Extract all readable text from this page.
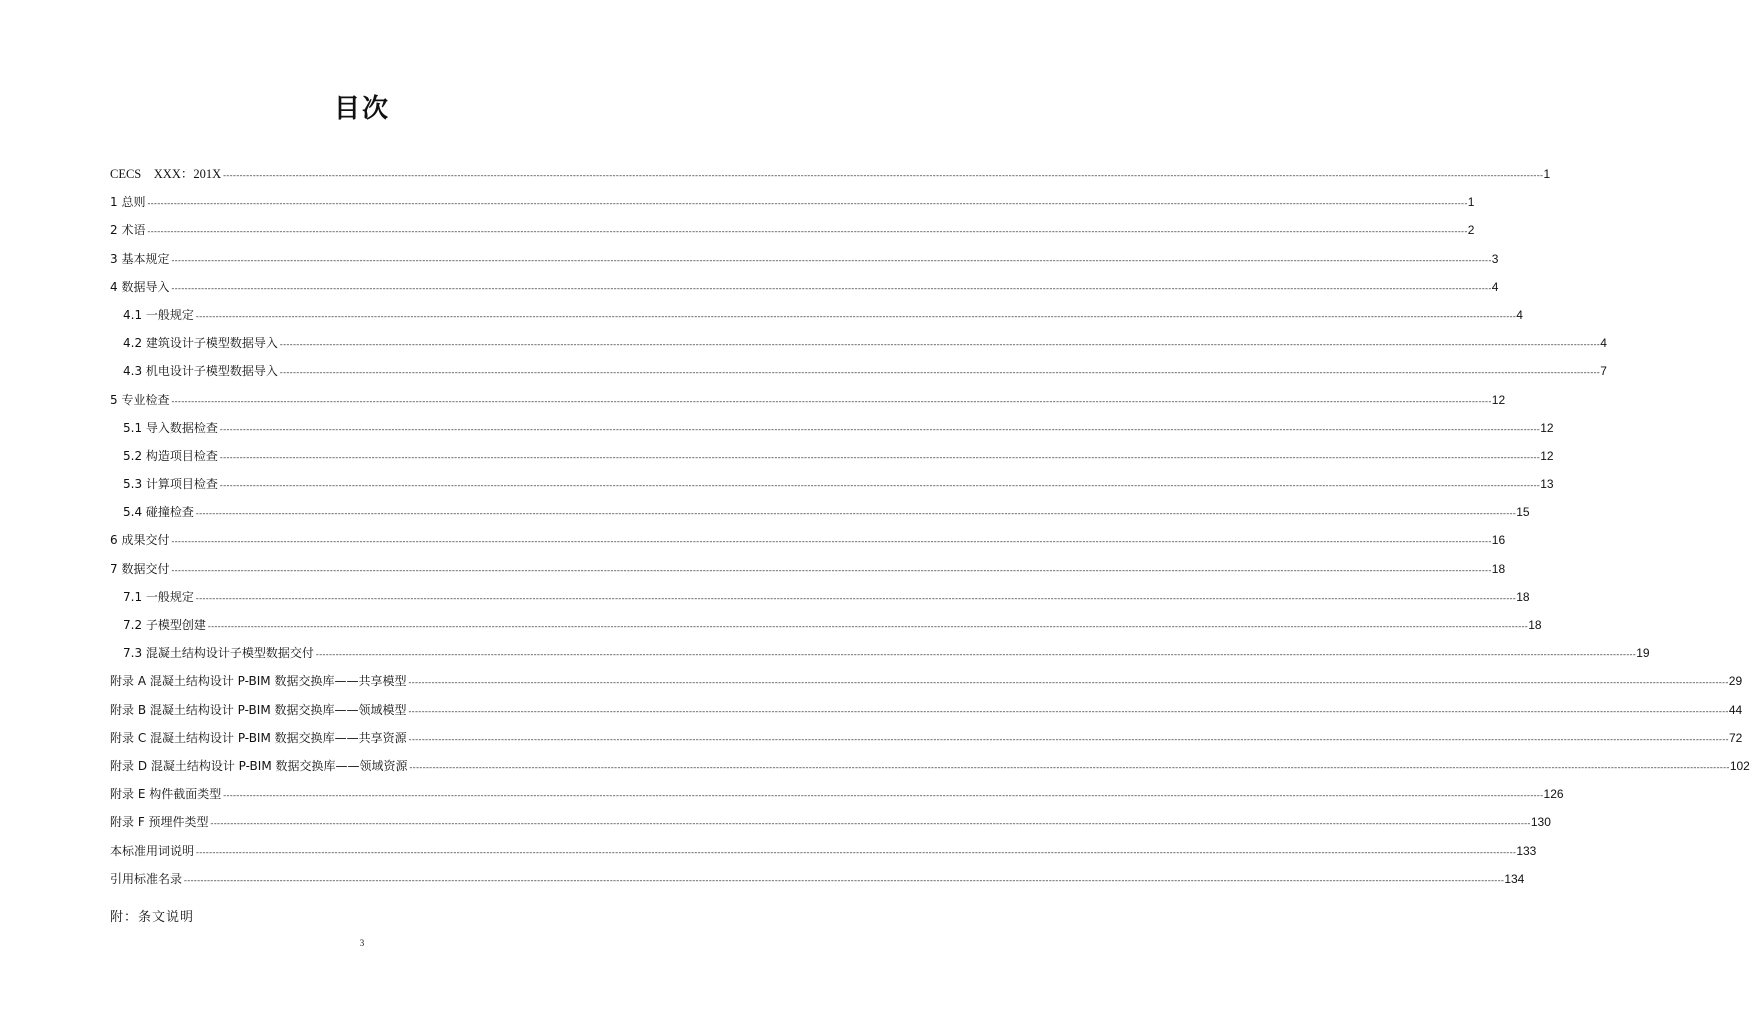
目次
CECS　XXX：201X ---------------------------------------------------------------------------------------------------------------------------------------------------------------------------------------------------------------------------------------------------------------------------------------------------------------------------------------------------------------------------------------------------------------- 1
1 总则 ---------------------------------------------------------------------------------------------------------------------------------------------------------------------------------------------------------------------------------------------------------------------------------------------------------------------------------------------------------------------------------------------------------------- 1
2 术语 ---------------------------------------------------------------------------------------------------------------------------------------------------------------------------------------------------------------------------------------------------------------------------------------------------------------------------------------------------------------------------------------------------------------- 2
3 基本规定 ---------------------------------------------------------------------------------------------------------------------------------------------------------------------------------------------------------------------------------------------------------------------------------------------------------------------------------------------------------------------------------------------------------------- 3
4 数据导入 ---------------------------------------------------------------------------------------------------------------------------------------------------------------------------------------------------------------------------------------------------------------------------------------------------------------------------------------------------------------------------------------------------------------- 4
4.1 一般规定 ---------------------------------------------------------------------------------------------------------------------------------------------------------------------------------------------------------------------------------------------------------------------------------------------------------------------------------------------------------------------------------------------------------------- 4
4.2 建筑设计子模型数据导入 ---------------------------------------------------------------------------------------------------------------------------------------------------------------------------------------------------------------------------------------------------------------------------------------------------------------------------------------------------------------------------------------------------------------- 4
4.3 机电设计子模型数据导入 ---------------------------------------------------------------------------------------------------------------------------------------------------------------------------------------------------------------------------------------------------------------------------------------------------------------------------------------------------------------------------------------------------------------- 7
5 专业检查 ---------------------------------------------------------------------------------------------------------------------------------------------------------------------------------------------------------------------------------------------------------------------------------------------------------------------------------------------------------------------------------------------------------------- 12
5.1 导入数据检查 ---------------------------------------------------------------------------------------------------------------------------------------------------------------------------------------------------------------------------------------------------------------------------------------------------------------------------------------------------------------------------------------------------------------- 12
5.2 构造项目检查 ---------------------------------------------------------------------------------------------------------------------------------------------------------------------------------------------------------------------------------------------------------------------------------------------------------------------------------------------------------------------------------------------------------------- 12
5.3 计算项目检查 ---------------------------------------------------------------------------------------------------------------------------------------------------------------------------------------------------------------------------------------------------------------------------------------------------------------------------------------------------------------------------------------------------------------- 13
5.4 碰撞检查 ---------------------------------------------------------------------------------------------------------------------------------------------------------------------------------------------------------------------------------------------------------------------------------------------------------------------------------------------------------------------------------------------------------------- 15
6 成果交付 ---------------------------------------------------------------------------------------------------------------------------------------------------------------------------------------------------------------------------------------------------------------------------------------------------------------------------------------------------------------------------------------------------------------- 16
7 数据交付 ---------------------------------------------------------------------------------------------------------------------------------------------------------------------------------------------------------------------------------------------------------------------------------------------------------------------------------------------------------------------------------------------------------------- 18
7.1 一般规定 ---------------------------------------------------------------------------------------------------------------------------------------------------------------------------------------------------------------------------------------------------------------------------------------------------------------------------------------------------------------------------------------------------------------- 18
7.2 子模型创建 ---------------------------------------------------------------------------------------------------------------------------------------------------------------------------------------------------------------------------------------------------------------------------------------------------------------------------------------------------------------------------------------------------------------- 18
7.3 混凝土结构设计子模型数据交付 ---------------------------------------------------------------------------------------------------------------------------------------------------------------------------------------------------------------------------------------------------------------------------------------------------------------------------------------------------------------------------------------------------------------- 19
附录 A 混凝土结构设计 P-BIM 数据交换库——共享模型 ---------------------------------------------------------------------------------------------------------------------------------------------------------------------------------------------------------------------------------------------------------------------------------------------------------------------------------------------------------------------------------------------------------------- 29
附录 B 混凝土结构设计 P-BIM 数据交换库——领域模型 ---------------------------------------------------------------------------------------------------------------------------------------------------------------------------------------------------------------------------------------------------------------------------------------------------------------------------------------------------------------------------------------------------------------- 44
附录 C 混凝土结构设计 P-BIM 数据交换库——共享资源 ---------------------------------------------------------------------------------------------------------------------------------------------------------------------------------------------------------------------------------------------------------------------------------------------------------------------------------------------------------------------------------------------------------------- 72
附录 D 混凝土结构设计 P-BIM 数据交换库——领域资源 ---------------------------------------------------------------------------------------------------------------------------------------------------------------------------------------------------------------------------------------------------------------------------------------------------------------------------------------------------------------------------------------------------------------- 102
附录 E 构件截面类型 ---------------------------------------------------------------------------------------------------------------------------------------------------------------------------------------------------------------------------------------------------------------------------------------------------------------------------------------------------------------------------------------------------------------- 126
附录 F 预埋件类型 ---------------------------------------------------------------------------------------------------------------------------------------------------------------------------------------------------------------------------------------------------------------------------------------------------------------------------------------------------------------------------------------------------------------- 130
本标准用词说明 ---------------------------------------------------------------------------------------------------------------------------------------------------------------------------------------------------------------------------------------------------------------------------------------------------------------------------------------------------------------------------------------------------------------- 133
引用标准名录 ---------------------------------------------------------------------------------------------------------------------------------------------------------------------------------------------------------------------------------------------------------------------------------------------------------------------------------------------------------------------------------------------------------------- 134
附：条文说明
3
